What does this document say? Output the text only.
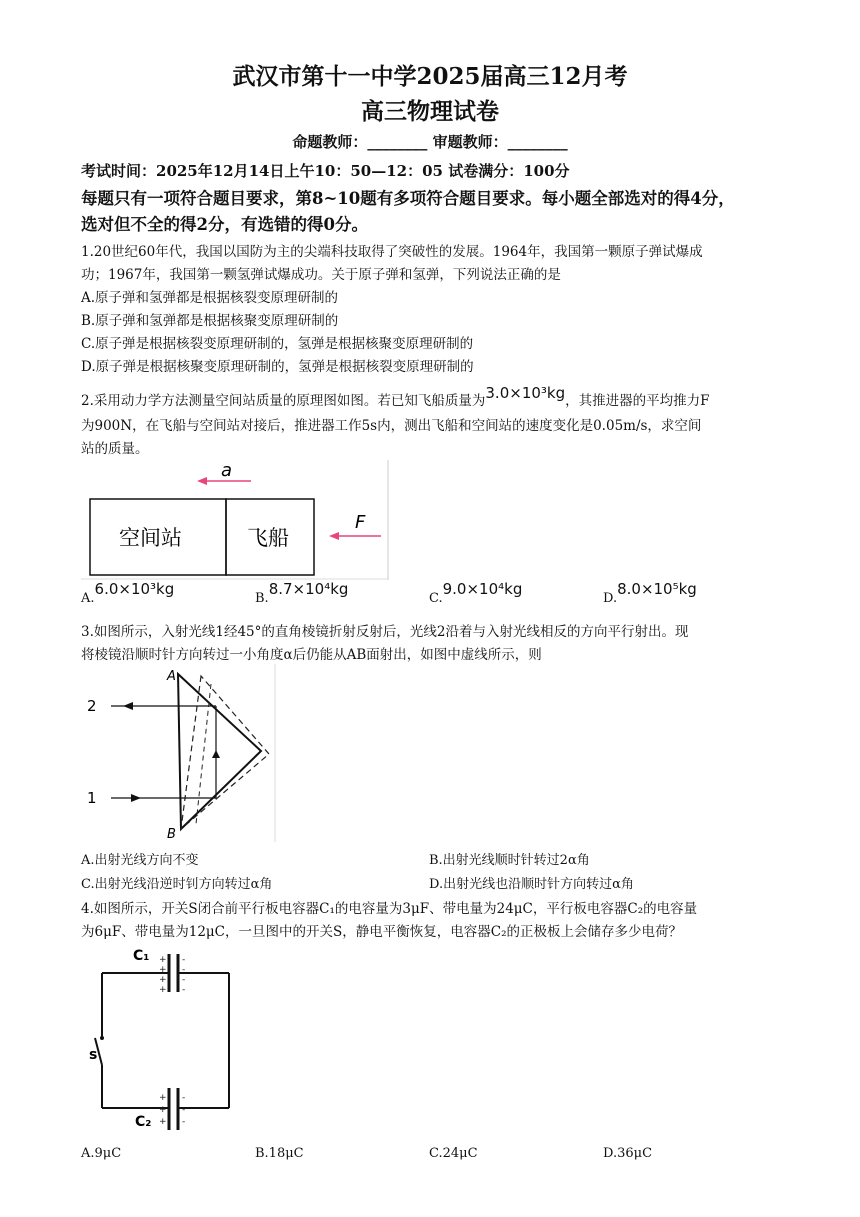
武汉市第十一中学2025届高三12月考
高三物理试卷
命题教师：________ 审题教师：________
考试时间：2025年12月14日上午10：50—12：05 试卷满分：100分
每题只有一项符合题目要求，第8~10题有多项符合题目要求。每小题全部选对的得4分，
选对但不全的得2分，有选错的得0分。
1.20世纪60年代，我国以国防为主的尖端科技取得了突破性的发展。1964年，我国第一颗原子弹试爆成
功；1967年，我国第一颗氢弹试爆成功。关于原子弹和氢弹，下列说法正确的是
A.原子弹和氢弹都是根据核裂变原理研制的
B.原子弹和氢弹都是根据核聚变原理研制的
C.原子弹是根据核裂变原理研制的，氢弹是根据核聚变原理研制的
D.原子弹是根据核聚变原理研制的，氢弹是根据核裂变原理研制的
2.采用动力学方法测量空间站质量的原理图如图。若已知飞船质量为3.0×10³kg，其推进器的平均推力F
为900N，在飞船与空间站对接后，推进器工作5s内，测出飞船和空间站的速度变化是0.05m/s，求空间
站的质量。
a
空间站	飞船
F
A.6.0×10³kg
B.8.7×10⁴kg
C.9.0×10⁴kg
D.8.0×10⁵kg
3.如图所示，入射光线1经45°的直角棱镜折射反射后，光线2沿着与入射光线相反的方向平行射出。现
将棱镜沿顺时针方向转过一小角度α后仍能从AB面射出，如图中虚线所示，则
A
B
2
1
A.出射光线方向不变	B.出射光线顺时针转过2α角
C.出射光线沿逆时钊方向转过α角	D.出射光线也沿顺时针方向转过α角
4.如图所示，开关S闭合前平行板电容器C₁的电容量为3μF、带电量为24μC，平行板电容器C₂的电容量
为6μF、带电量为12μC，一旦图中的开关S，静电平衡恢复，电容器C₂的正极板上会储存多少电荷？
C₁ +
+
+
+
-
-
-
-
s
+
+
+
-
-
-
C₂
A.9μC	B.18μC	C.24μC	D.36μC
